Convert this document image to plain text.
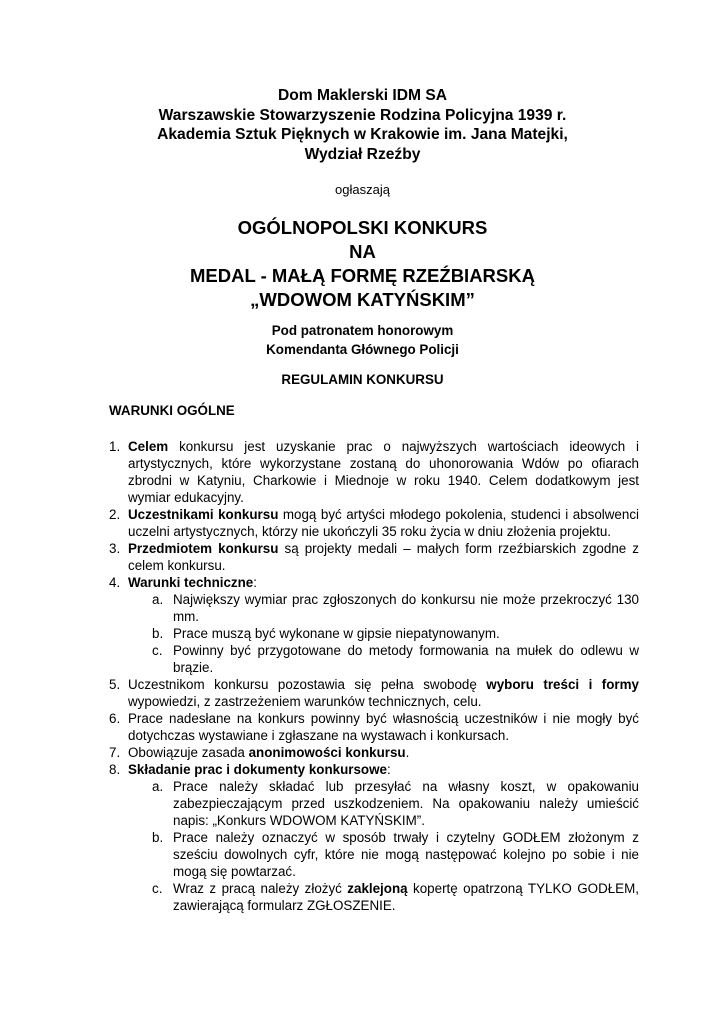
Dom Maklerski IDM SA
Warszawskie Stowarzyszenie Rodzina Policyjna 1939 r.
Akademia Sztuk Pięknych w Krakowie im. Jana Matejki,
Wydział Rzeźby
ogłaszają
OGÓLNOPOLSKI KONKURS
NA
MEDAL - MAŁĄ FORMĘ RZEŹBIARSKĄ
„WDOWOM KATYŃSKIM”
Pod patronatem honorowym
Komendanta Głównego Policji
REGULAMIN KONKURSU
WARUNKI OGÓLNE
1. Celem konkursu jest uzyskanie prac o najwyższych wartościach ideowych i artystycznych, które wykorzystane zostaną do uhonorowania Wdów po ofiarach zbrodni w Katyniu, Charkowie i Miednoje w roku 1940. Celem dodatkowym jest wymiar edukacyjny.
2. Uczestnikami konkursu mogą być artyści młodego pokolenia, studenci i absolwenci uczelni artystycznych, którzy nie ukończyli 35 roku życia w dniu złożenia projektu.
3. Przedmiotem konkursu są projekty medali – małych form rzeźbiarskich zgodne z celem konkursu.
4. Warunki techniczne:
a. Największy wymiar prac zgłoszonych do konkursu nie może przekroczyć 130 mm.
b. Prace muszą być wykonane w gipsie niepatynowanym.
c. Powinny być przygotowane do metody formowania na mułek do odlewu w brązie.
5. Uczestnikom konkursu pozostawia się pełna swobodę wyboru treści i formy wypowiedzi, z zastrzeżeniem warunków technicznych, celu.
6. Prace nadesłane na konkurs powinny być własnością uczestników i nie mogły być dotychczas wystawiane i zgłaszane na wystawach i konkursach.
7. Obowiązuje zasada anonimowości konkursu.
8. Składanie prac i dokumenty konkursowe:
a. Prace należy składać lub przesyłać na własny koszt, w opakowaniu zabezpieczającym przed uszkodzeniem. Na opakowaniu należy umieścić napis: „Konkurs WDOWOM KATYŃSKIM”.
b. Prace należy oznaczyć w sposób trwały i czytelny GODŁEM złożonym z sześciu dowolnych cyfr, które nie mogą następować kolejno po sobie i nie mogą się powtarzać.
c. Wraz z pracą należy złożyć zaklejoną kopertę opatrzoną TYLKO GODŁEM, zawierającą formularz ZGŁOSZENIE.
